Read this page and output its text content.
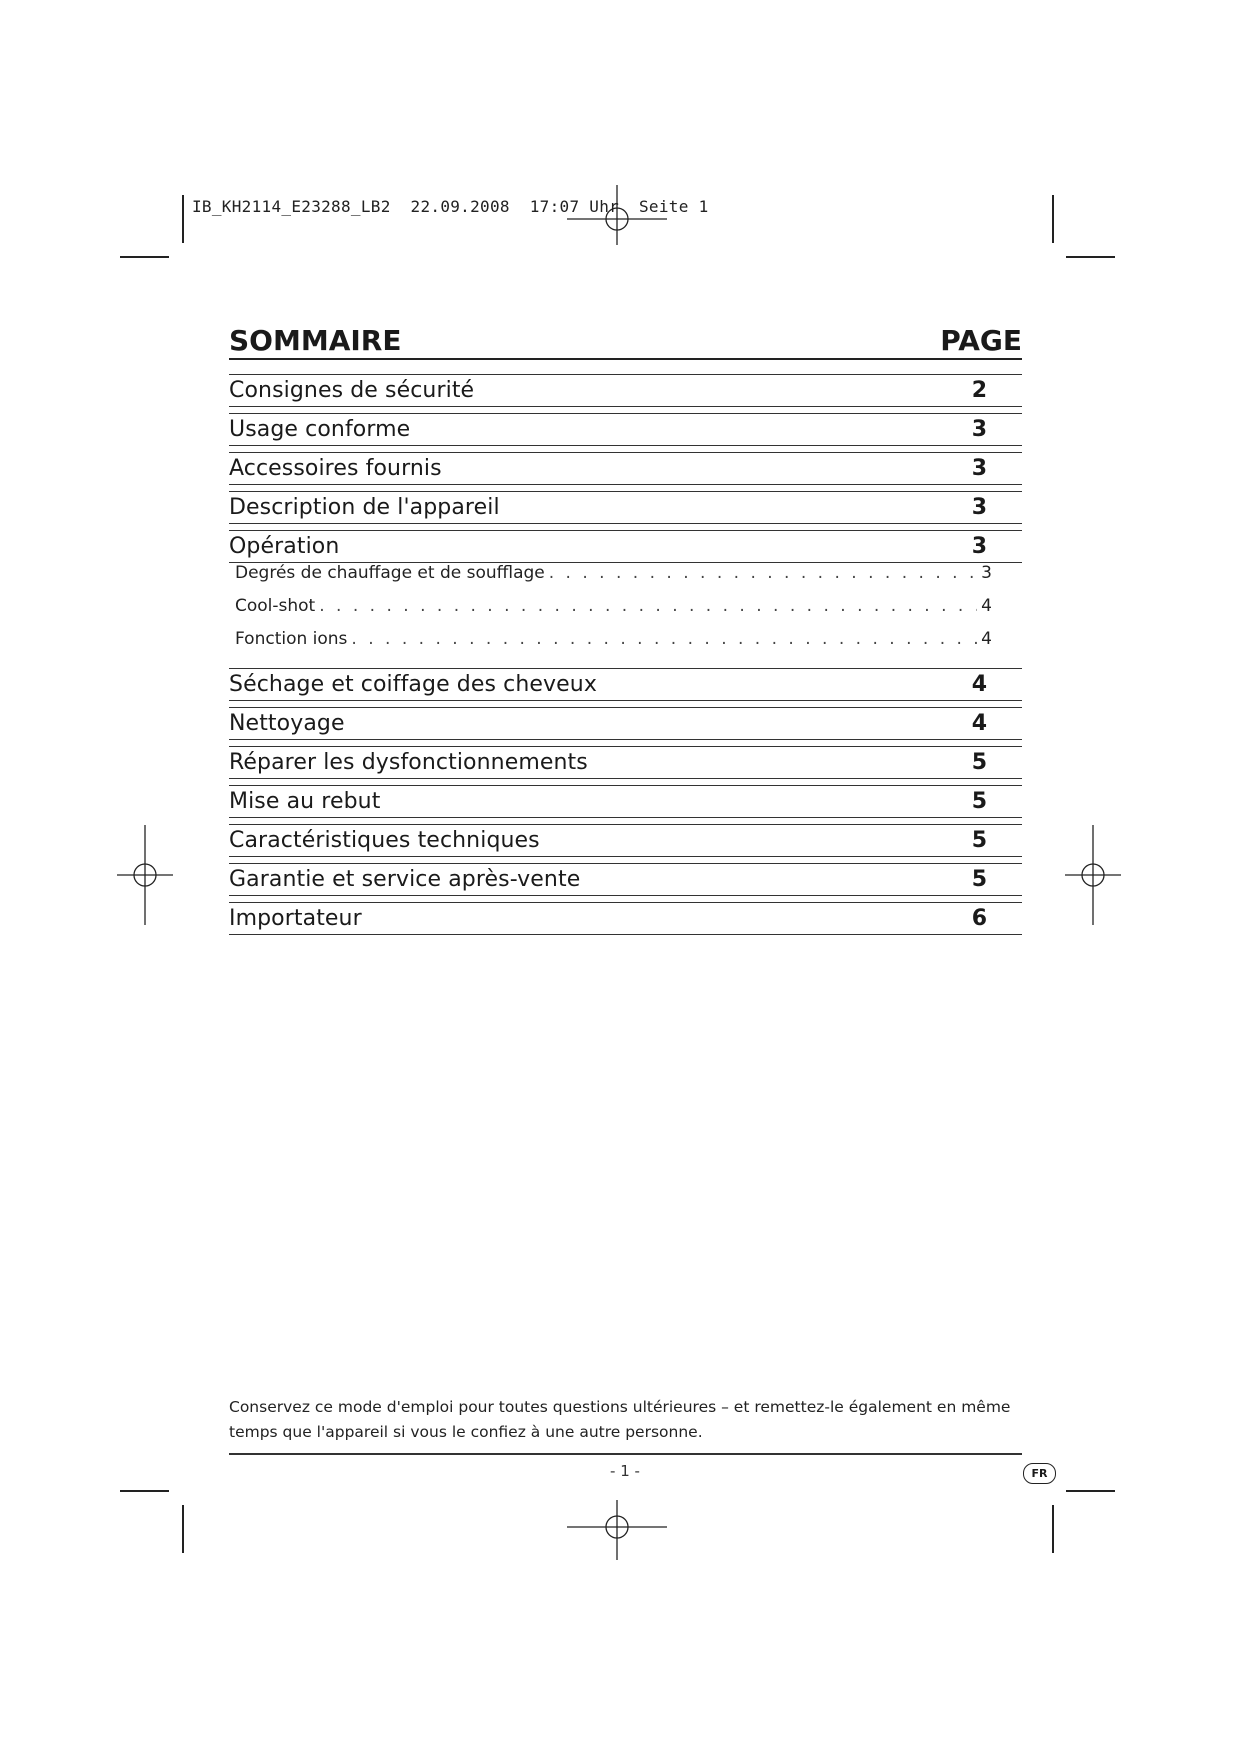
IB_KH2114_E23288_LB2  22.09.2008  17:07 Uhr  Seite 1
SOMMAIRE	PAGE
Consignes de sécurité	2
Usage conforme	3
Accessoires fournis	3
Description de l'appareil	3
Opération	3
Degrés de chauffage et de soufflage . . .	3
Cool-shot . . .	4
Fonction ions . . .	4
Séchage et coiffage des cheveux	4
Nettoyage	4
Réparer les dysfonctionnements	5
Mise au rebut	5
Caractéristiques techniques	5
Garantie et service après-vente	5
Importateur	6
Conservez ce mode d'emploi pour toutes questions ultérieures – et remettez-le également en même temps que l'appareil si vous le confiez à une autre personne.
- 1 -	FR
